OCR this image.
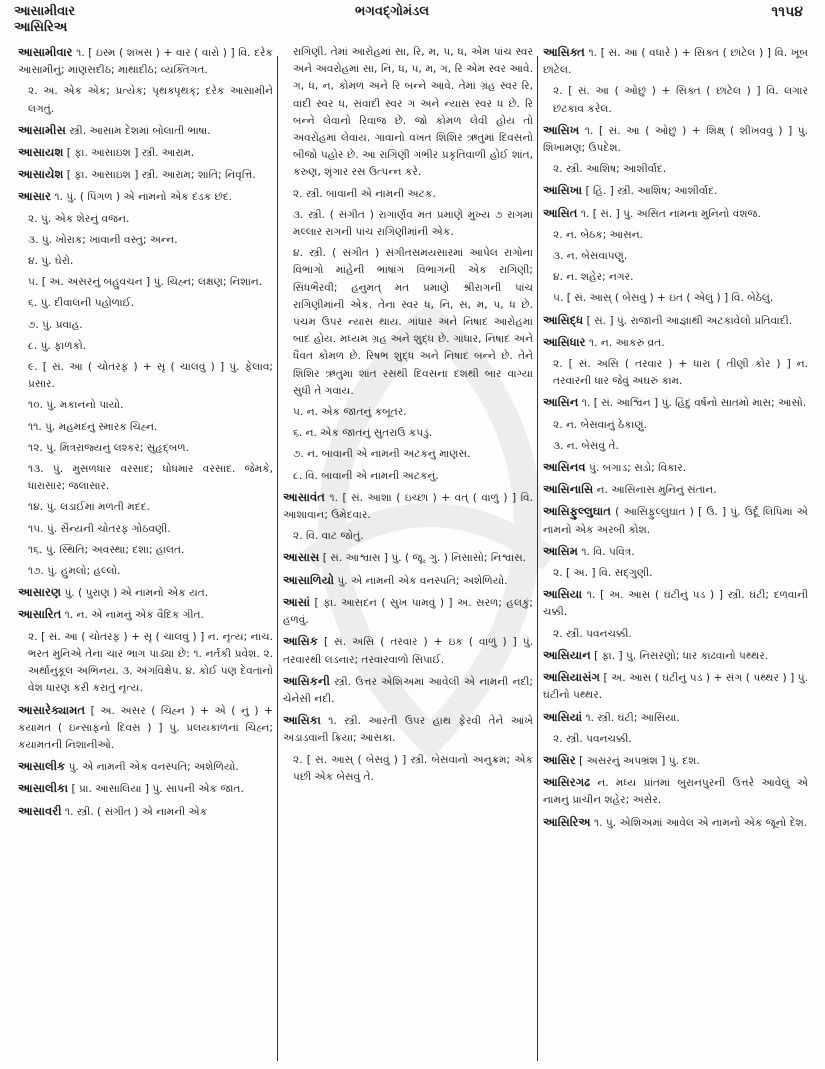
આસામીવાર
આસિરિઅ
ભગવદ્ગોમંડલ	૧૧૫૪
આસામીવાર ૧. [ ઇસ્મ ( શખસ ) + વાર ( વારો ) ] વિ. દરેક આસામીનું; માણસદીઠ; માથાદીઠ; વ્યક્તિગત.
૨. અ. એક એક; પ્રત્યેક; પૃથક્પૃથક્; દરેક આસામીને લગતું.
આસામીસ સ્ત્રી. આસામ દેશમાં બોલાતી ભાષા.
આસાયશ [ ફા. આસાઇશ ] સ્ત્રી. આરામ.
આસાયેશ [ ફા. આસાઇશ ] સ્ત્રી. આરામ; શાંતિ; નિવૃત્તિ.
આસાર ૧. પું. ( પિંગળ ) એ નામનો એક દંડક છંદ.
૨. પું. એક શેરનું વજન.
૩. પું. ખોરાક; ખાવાની વસ્તુ; અન્ન.
૪. પું. ઘેરો.
૫. [ અ. અસરનું બહુવચન ] પું. ચિહ્ન; લક્ષણ; નિશાન.
૬. પું. દીવાલની પહોળાઈ.
૭. પું. પ્રવાહ.
૮. પું. ફાળકો.
૯. [ સં. આ ( ચોતરફ ) + સૃ ( ચાલવું ) ] પું. ફેલાવ; પ્રસાર.
૧૦. પું. મકાનનો પાયો.
૧૧. પું. મહમદનું સ્મારક ચિહ્ન.
૧૨. પું. મિત્રરાજ્યનું લશ્કર; સુહૃદ્બળ.
૧૩. પું. મુસળધાર વરસાદ; ધોધમાર વરસાદ. જેમકે, ધારાસાર; જલાસાર.
૧૪. પું. લડાઈમાં મળતી મદદ.
૧૫. પું. સૈન્યની ચોતરફ ગોઠવણી.
૧૬. પું. સ્થિતિ; અવસ્થા; દશા; હાલત.
૧૭. પું. હુમલો; હલ્લો.
આસારણ પું. ( પુરાણ ) એ નામનો એક યત.
આસારિત ૧. ન. એ નામનું એક વૈદિક ગીત.
૨. [ સં. આ ( ચોતરફ ) + સૃ ( ચાલવું ) ] ન. નૃત્ય; નાચ. ભરત મુનિએ તેના ચાર ભાગ પાડ્યા છે: ૧. નર્તકી પ્રવેશ. ૨. અર્થાનુકૂલ અભિનય. ૩. અંગવિક્ષેપ. ૪. કોઈ પણ દેવતાનો વેશ ધારણ કરી કરાતું નૃત્ય.
આસારેક્યામત [ અ. અસર ( ચિહ્ન ) + એ ( નું ) + કયામત ( ઇન્સાફનો દિવસ ) ] પું. પ્રલયકાળનાં ચિહ્ન; કયામતની નિશાનીઓ.
આસાલીક પું. એ નામની એક વનસ્પતિ; અશેળિયો.
આસાલીકા [ પ્રા. આસાલિયા ] પું. સાપની એક જાત.
આસાવરી ૧. સ્ત્રી. ( સંગીત ) એ નામની એક
રાગિણી. તેમાં આરોહમાં સા, રિ, મ, પ, ધ, એમ પાંચ સ્વર અને અવરોહમાં સા, નિ, ધ, પ, મ, ગ, રિ એમ સ્વર આવે. ગ, ધ, ન, કોમળ અને રિ બન્ને આવે. તેમાં ગ્રહ સ્વર રિ, વાદી સ્વર ધ, સંવાદી સ્વર ગ અને ન્યાસ સ્વર ધ છે. રિ બન્ને લેવાનો રિવાજ છે. જો કોમળ લેવી હોય તો અવરોહમાં લેવાય. ગાવાનો વખત શિશિર ઋતુમાં દિવસનો બીજો પહોર છે. આ રાગિણી ગંભીર પ્રકૃતિવાળી હોઈ શાંત, કરુણ, શૃંગાર રસ ઉત્પન્ન કરે.
૨. સ્ત્રી. બાવાની એ નામની અટક.
૩. સ્ત્રી. ( સંગીત ) રાગાર્ણવ મત પ્રમાણે મુખ્ય ૭ રાગમાં મલ્લાર રાગની પાંચ રાગિણીમાંની એક.
૪. સ્ત્રી. ( સંગીત ) સંગીતસમયસારમાં આપેલ રાગોના વિભાગો માંહેની ભાષાંગ વિભાગની એક રાગિણી; સિંધભૈરવી; હનુમત્ મત પ્રમાણે શ્રીરાગની પાંચ રાગિણીમાંની એક. તેના સ્વર ધ, નિ, સ, મ, પ, ધ છે. પંચમ ઉપર ન્યાસ થાય. ગાંધાર અને નિષાદ આરોહમાં બાદ હોય. મધ્યમ ગ્રહ અને શુદ્ધ છે. ગાંધાર, નિષાદ અને ધૈવત કોમળ છે. રિષભ શુદ્ધ અને નિષાદ બન્ને છે. તેને શિશિર ઋતુમાં શાંત રસથી દિવસના દશથી બાર વાગ્યા સુધી તે ગવાય.
૫. ન. એક જાતનું કબૂતર.
૬. ન. એક જાતનું સુતરાઉ કપડું.
૭. ન. બાવાની એ નામની અટકનું માણસ.
૮. વિ. બાવાની એ નામની અટકનું.
આસાવંત ૧. [ સં. આશા ( ઇચ્છા ) + વત્ ( વાળું ) ] વિ. આશાવાન; ઉમેદવાર.
૨. વિ. વાટ જોતું.
આસાસ [ સં. આશ્વાસ ] પું. ( જૂ. ગુ. ) નિસાસો; નિશ્વાસ.
આસાળિયો પું. એ નામની એક વનસ્પતિ; અશેળિયો.
આસાં [ ફા. આસદન ( સુખ પામવું ) ] અ. સરળ; હલકું; હળવું.
આસિક [ સં. અસિ ( તરવાર ) + ઇક ( વાળું ) ] પું. તરવારથી લડનાર; તરવારવાળો સિપાઈ.
આસિકની સ્ત્રી. ઉત્તર એશિઅમાં આવેલી એ નામની નદી; ચેનેસી નદી.
આસિકા ૧. સ્ત્રી. આરતી ઉપર હાથ ફેરવી તેને આંખે અડાડવાની ક્રિયા; આસકા.
૨. [ સં. આસ્ ( બેસવું ) ] સ્ત્રી. બેસવાનો અનુક્રમ; એક પછી એક બેસવું તે.
આસિક્ત ૧. [ સં. આ ( વધારે ) + સિક્ત ( છાંટેલ ) ] વિ. ખૂબ છાંટેલ.
૨. [ સં. આ ( ઓછું ) + સિક્ત ( છાંટેલ ) ] વિ. લગાર છંટકાવ કરેલ.
આસિખ ૧. [ સં. આ ( ઓછું ) + શિક્ષ્ ( શીખવવું ) ] પું. શિખામણ; ઉપદેશ.
૨. સ્ત્રી. આશિષ; આશીર્વાદ.
આસિખા [ હિં. ] સ્ત્રી. આશિષ; આશીર્વાદ.
આસિત ૧. [ સં. ] પું. અસિત નામના મુનિનો વંશજ.
૨. ન. બેઠક; આસન.
૩. ન. બેસવાપણું.
૪. ન. શહેર; નગર.
૫. [ સં. આસ્ ( બેસવું ) + ઇત ( એલું ) ] વિ. બેઠેલું.
આસિદ્ધ [ સં. ] પું. રાજાની આજ્ઞાથી અટકાવેલો પ્રતિવાદી.
આસિધાર ૧. ન. આકરું વ્રત.
૨. [ સં. અસિ ( તરવાર ) + ધારા ( તીણી કોર ) ] ન. તરવારની ધાર જેવું અઘરું કામ.
આસિન ૧. [ સં. આશ્વિન ] પું. હિંદુ વર્ષનો સાતમો માસ; આસો.
૨. ન. બેસવાનું ઠેકાણું.
૩. ન. બેસવું તે.
આસિનવ પું. બગાડ; સડો; વિકાર.
આસિનાસિ ન. આસિનાસ મુનિનું સંતાન.
આસિફુલ્લુઘાત ( આસિફુલ્લુઘાત ) [ ઉ. ] પું. ઉર્દૂ લિપિમાં એ નામનો એક અરબી કોશ.
આસિમ ૧. વિ. પવિત્ર.
૨. [ અ. ] વિ. સદ્ગુણી.
આસિયા ૧. [ અ. આસ ( ઘંટીનું પડ ) ] સ્ત્રી. ઘંટી; દળવાની ચક્કી.
૨. સ્ત્રી. પવનચક્કી.
આસિયાન [ ફા. ] પું. નિસરણો; ધાર કાઢવાનો પથ્થર.
આસિયાસંગ [ અ. આસ ( ઘંટીનું પડ ) + સંગ ( પથ્થર ) ] પું. ઘંટીનો પથ્થર.
આસિયાં ૧. સ્ત્રી. ઘંટી; આસિયા.
૨. સ્ત્રી. પવનચક્કી.
આસિર [ અસરનું અપભ્રંશ ] પું. દશ.
આસિરગઢ ન. મધ્ય પ્રાંતમાં બુરાનપુરની ઉત્તરે આવેલું એ નામનું પ્રાચીન શહેર; અસેર.
આસિરિઅ ૧. પું. એશિઅમાં આવેલ એ નામનો એક જૂનો દેશ.
